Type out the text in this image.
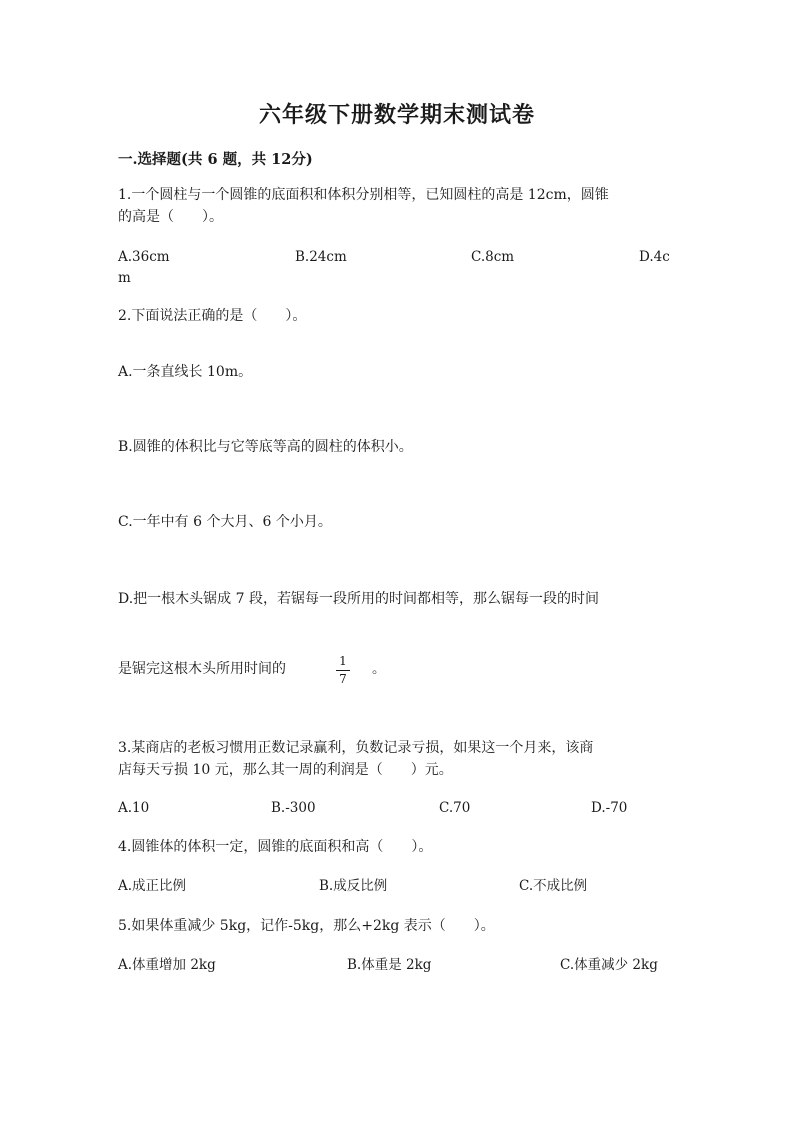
六年级下册数学期末测试卷
一.选择题(共 6 题，共 12分)
1.一个圆柱与一个圆锥的底面积和体积分别相等，已知圆柱的高是 12cm，圆锥
的高是（　　）。
A.36cm	B.24cm	C.8cm	D.4c
m
2.下面说法正确的是（　　）。
A.一条直线长 10m。
B.圆锥的体积比与它等底等高的圆柱的体积小。
C.一年中有 6 个大月、6 个小月。
D.把一根木头锯成 7 段，若锯每一段所用的时间都相等，那么锯每一段的时间
是锯完这根木头所用时间的	1
7
。
3.某商店的老板习惯用正数记录赢利，负数记录亏损，如果这一个月来，该商
店每天亏损 10 元，那么其一周的利润是（　　）元。
A.10	B.-300	C.70	D.-70
4.圆锥体的体积一定，圆锥的底面积和高（　　）。
A.成正比例	B.成反比例	C.不成比例
5.如果体重减少 5kg，记作-5kg，那么+2kg 表示（　　）。
A.体重增加 2kg	B.体重是 2kg	C.体重减少 2kg
